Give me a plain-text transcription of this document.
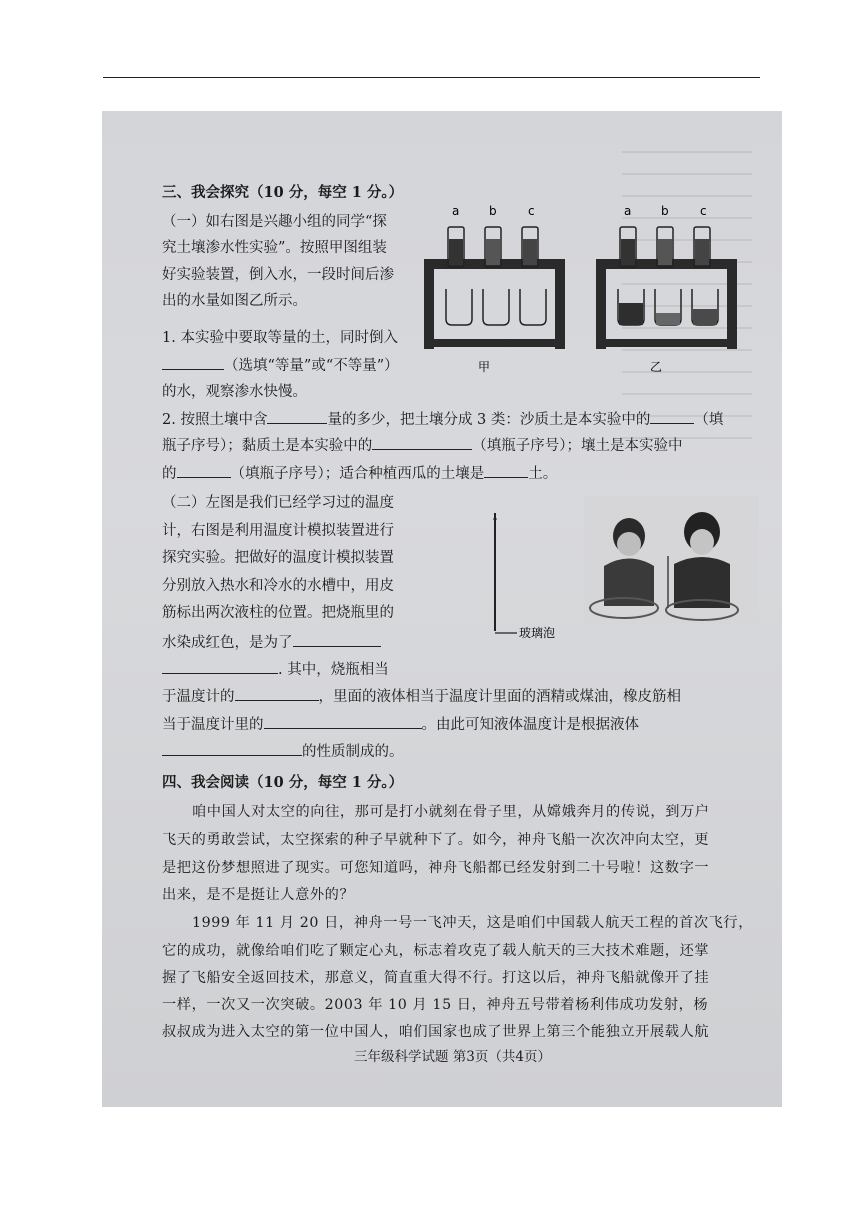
三、我会探究（10 分，每空 1 分。）
（一）如右图是兴趣小组的同学“探
究土壤渗水性实验”。按照甲图组装
好实验装置，倒入水，一段时间后渗
出的水量如图乙所示。
1. 本实验中要取等量的土，同时倒入
（选填“等量”或“不等量”）
的水，观察渗水快慢。
2. 按照土壤中含	量的多少，把土壤分成 3 类：沙质土是本实验中的	（填
瓶子序号）；黏质土是本实验中的	（填瓶子序号）；壤土是本实验中
的	（填瓶子序号）；适合种植西瓜的土壤是	土。
a b	c
甲
a b	c
乙
（二）左图是我们已经学习过的温度
计，右图是利用温度计模拟装置进行
探究实验。把做好的温度计模拟装置
分别放入热水和冷水的水槽中，用皮
筋标出两次液柱的位置。把烧瓶里的
水染成红色，是为了
. 其中，烧瓶相当
于温度计的	，里面的液体相当于温度计里面的酒精或煤油，橡皮筋相
当于温度计里的	。由此可知液体温度计是根据液体
的性质制成的。
玻璃泡
四、我会阅读（10 分，每空 1 分。）
咱中国人对太空的向往，那可是打小就刻在骨子里，从嫦娥奔月的传说，到万户
飞天的勇敢尝试，太空探索的种子早就种下了。如今，神舟飞船一次次冲向太空，更
是把这份梦想照进了现实。可您知道吗，神舟飞船都已经发射到二十号啦！这数字一
出来，是不是挺让人意外的？
1999 年 11 月 20 日，神舟一号一飞冲天，这是咱们中国载人航天工程的首次飞行，
它的成功，就像给咱们吃了颗定心丸，标志着攻克了载人航天的三大技术难题，还掌
握了飞船安全返回技术，那意义，简直重大得不行。打这以后，神舟飞船就像开了挂
一样，一次又一次突破。2003 年 10 月 15 日，神舟五号带着杨利伟成功发射，杨
叔叔成为进入太空的第一位中国人，咱们国家也成了世界上第三个能独立开展载人航
三年级科学试题 第3页（共4页）
